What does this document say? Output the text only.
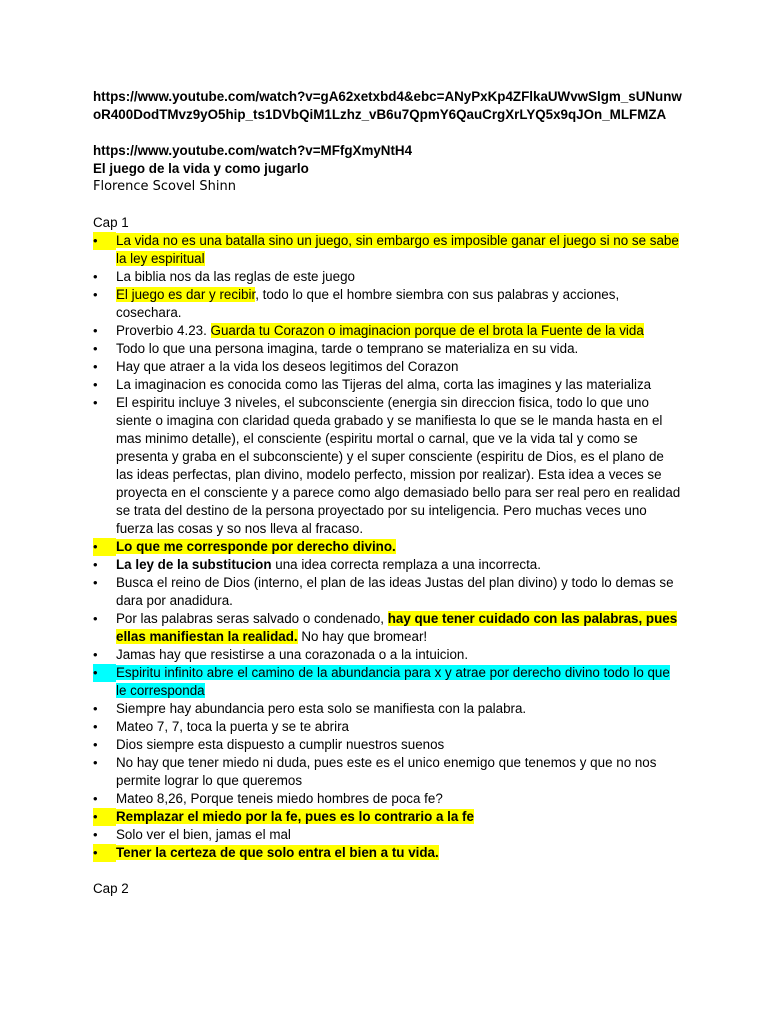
https://www.youtube.com/watch?v=gA62xetxbd4&ebc=ANyPxKp4ZFlkaUWvwSlgm_sUNunwoR400DodTMvz9yO5hip_ts1DVbQiM1Lzhz_vB6u7QpmY6QauCrgXrLYQ5x9qJOn_MLFMZA
https://www.youtube.com/watch?v=MFfgXmyNtH4
El juego de la vida y como jugarlo
Florence Scovel Shinn
Cap 1
•	La vida no es una batalla sino un juego, sin embargo es imposible ganar el juego si no se sabe la ley espiritual
•	La biblia nos da las reglas de este juego
•	El juego es dar y recibir, todo lo que el hombre siembra con sus palabras y acciones, cosechara.
•	Proverbio 4.23. Guarda tu Corazon o imaginacion porque de el brota la Fuente de la vida
•	Todo lo que una persona imagina, tarde o temprano se materializa en su vida.
•	Hay que atraer a la vida los deseos legitimos del Corazon
•	La imaginacion es conocida como las Tijeras del alma, corta las imagines y las materializa
•	El espiritu incluye 3 niveles, el subconsciente (energia sin direccion fisica, todo lo que uno siente o imagina con claridad queda grabado y se manifiesta lo que se le manda hasta en el mas minimo detalle), el consciente (espiritu mortal o carnal, que ve la vida tal y como se presenta y graba en el subconsciente) y el super consciente (espiritu de Dios, es el plano de las ideas perfectas, plan divino, modelo perfecto, mission por realizar). Esta idea a veces se proyecta en el consciente y a parece como algo demasiado bello para ser real pero en realidad se trata del destino de la persona proyectado por su inteligencia. Pero muchas veces uno fuerza las cosas y so nos lleva al fracaso.
•	Lo que me corresponde por derecho divino.
•	La ley de la substitucion una idea correcta remplaza a una incorrecta.
•	Busca el reino de Dios (interno, el plan de las ideas Justas del plan divino) y todo lo demas se dara por anadidura.
•	Por las palabras seras salvado o condenado, hay que tener cuidado con las palabras, pues ellas manifiestan la realidad. No hay que bromear!
•	Jamas hay que resistirse a una corazonada o a la intuicion.
•	Espiritu infinito abre el camino de la abundancia para x y atrae por derecho divino todo lo que le corresponda
•	Siempre hay abundancia pero esta solo se manifiesta con la palabra.
•	Mateo 7, 7, toca la puerta y se te abrira
•	Dios siempre esta dispuesto a cumplir nuestros suenos
•	No hay que tener miedo ni duda, pues este es el unico enemigo que tenemos y que no nos permite lograr lo que queremos
•	Mateo 8,26, Porque teneis miedo hombres de poca fe?
•	Remplazar el miedo por la fe, pues es lo contrario a la fe
•	Solo ver el bien, jamas el mal
•	Tener la certeza de que solo entra el bien a tu vida.
Cap 2
